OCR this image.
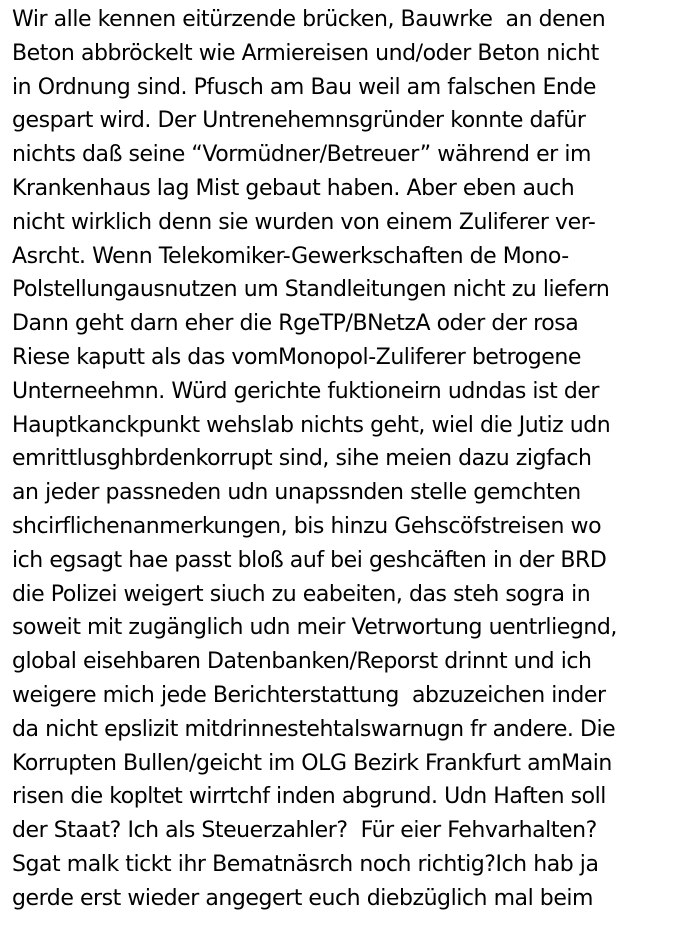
Wir alle kennen eitürzende brücken, Bauwrke  an denen
Beton abbröckelt wie Armiereisen und/oder Beton nicht
in Ordnung sind. Pfusch am Bau weil am falschen Ende
gespart wird. Der Untrenehemnsgründer konnte dafür
nichts daß seine “Vormüdner/Betreuer” während er im
Krankenhaus lag Mist gebaut haben. Aber eben auch
nicht wirklich denn sie wurden von einem Zuliferer ver-
Asrcht. Wenn Telekomiker-Gewerkschaften de Mono-
Polstellungausnutzen um Standleitungen nicht zu liefern
Dann geht darn eher die RgeTP/BNetzA oder der rosa
Riese kaputt als das vomMonopol-Zuliferer betrogene
Unterneehmn. Würd gerichte fuktioneirn udndas ist der
Hauptkanckpunkt wehslab nichts geht, wiel die Jutiz udn
emrittlusghbrdenkorrupt sind, sihe meien dazu zigfach
an jeder passneden udn unapssnden stelle gemchten
shcirflichenanmerkungen, bis hinzu Gehscöfstreisen wo
ich egsagt hae passt bloß auf bei geshcäften in der BRD
die Polizei weigert siuch zu eabeiten, das steh sogra in
soweit mit zugänglich udn meir Vetrwortung uentrliegnd,
global eisehbaren Datenbanken/Reporst drinnt und ich
weigere mich jede Berichterstattung  abzuzeichen inder
da nicht epslizit mitdrinnestehtalswarnugn fr andere. Die
Korrupten Bullen/geicht im OLG Bezirk Frankfurt amMain
risen die kopltet wirrtchf inden abgrund. Udn Haften soll
der Staat? Ich als Steuerzahler?  Für eier Fehvarhalten?
Sgat malk tickt ihr Bematnäsrch noch richtig?Ich hab ja
gerde erst wieder angegert euch diebzüglich mal beim
